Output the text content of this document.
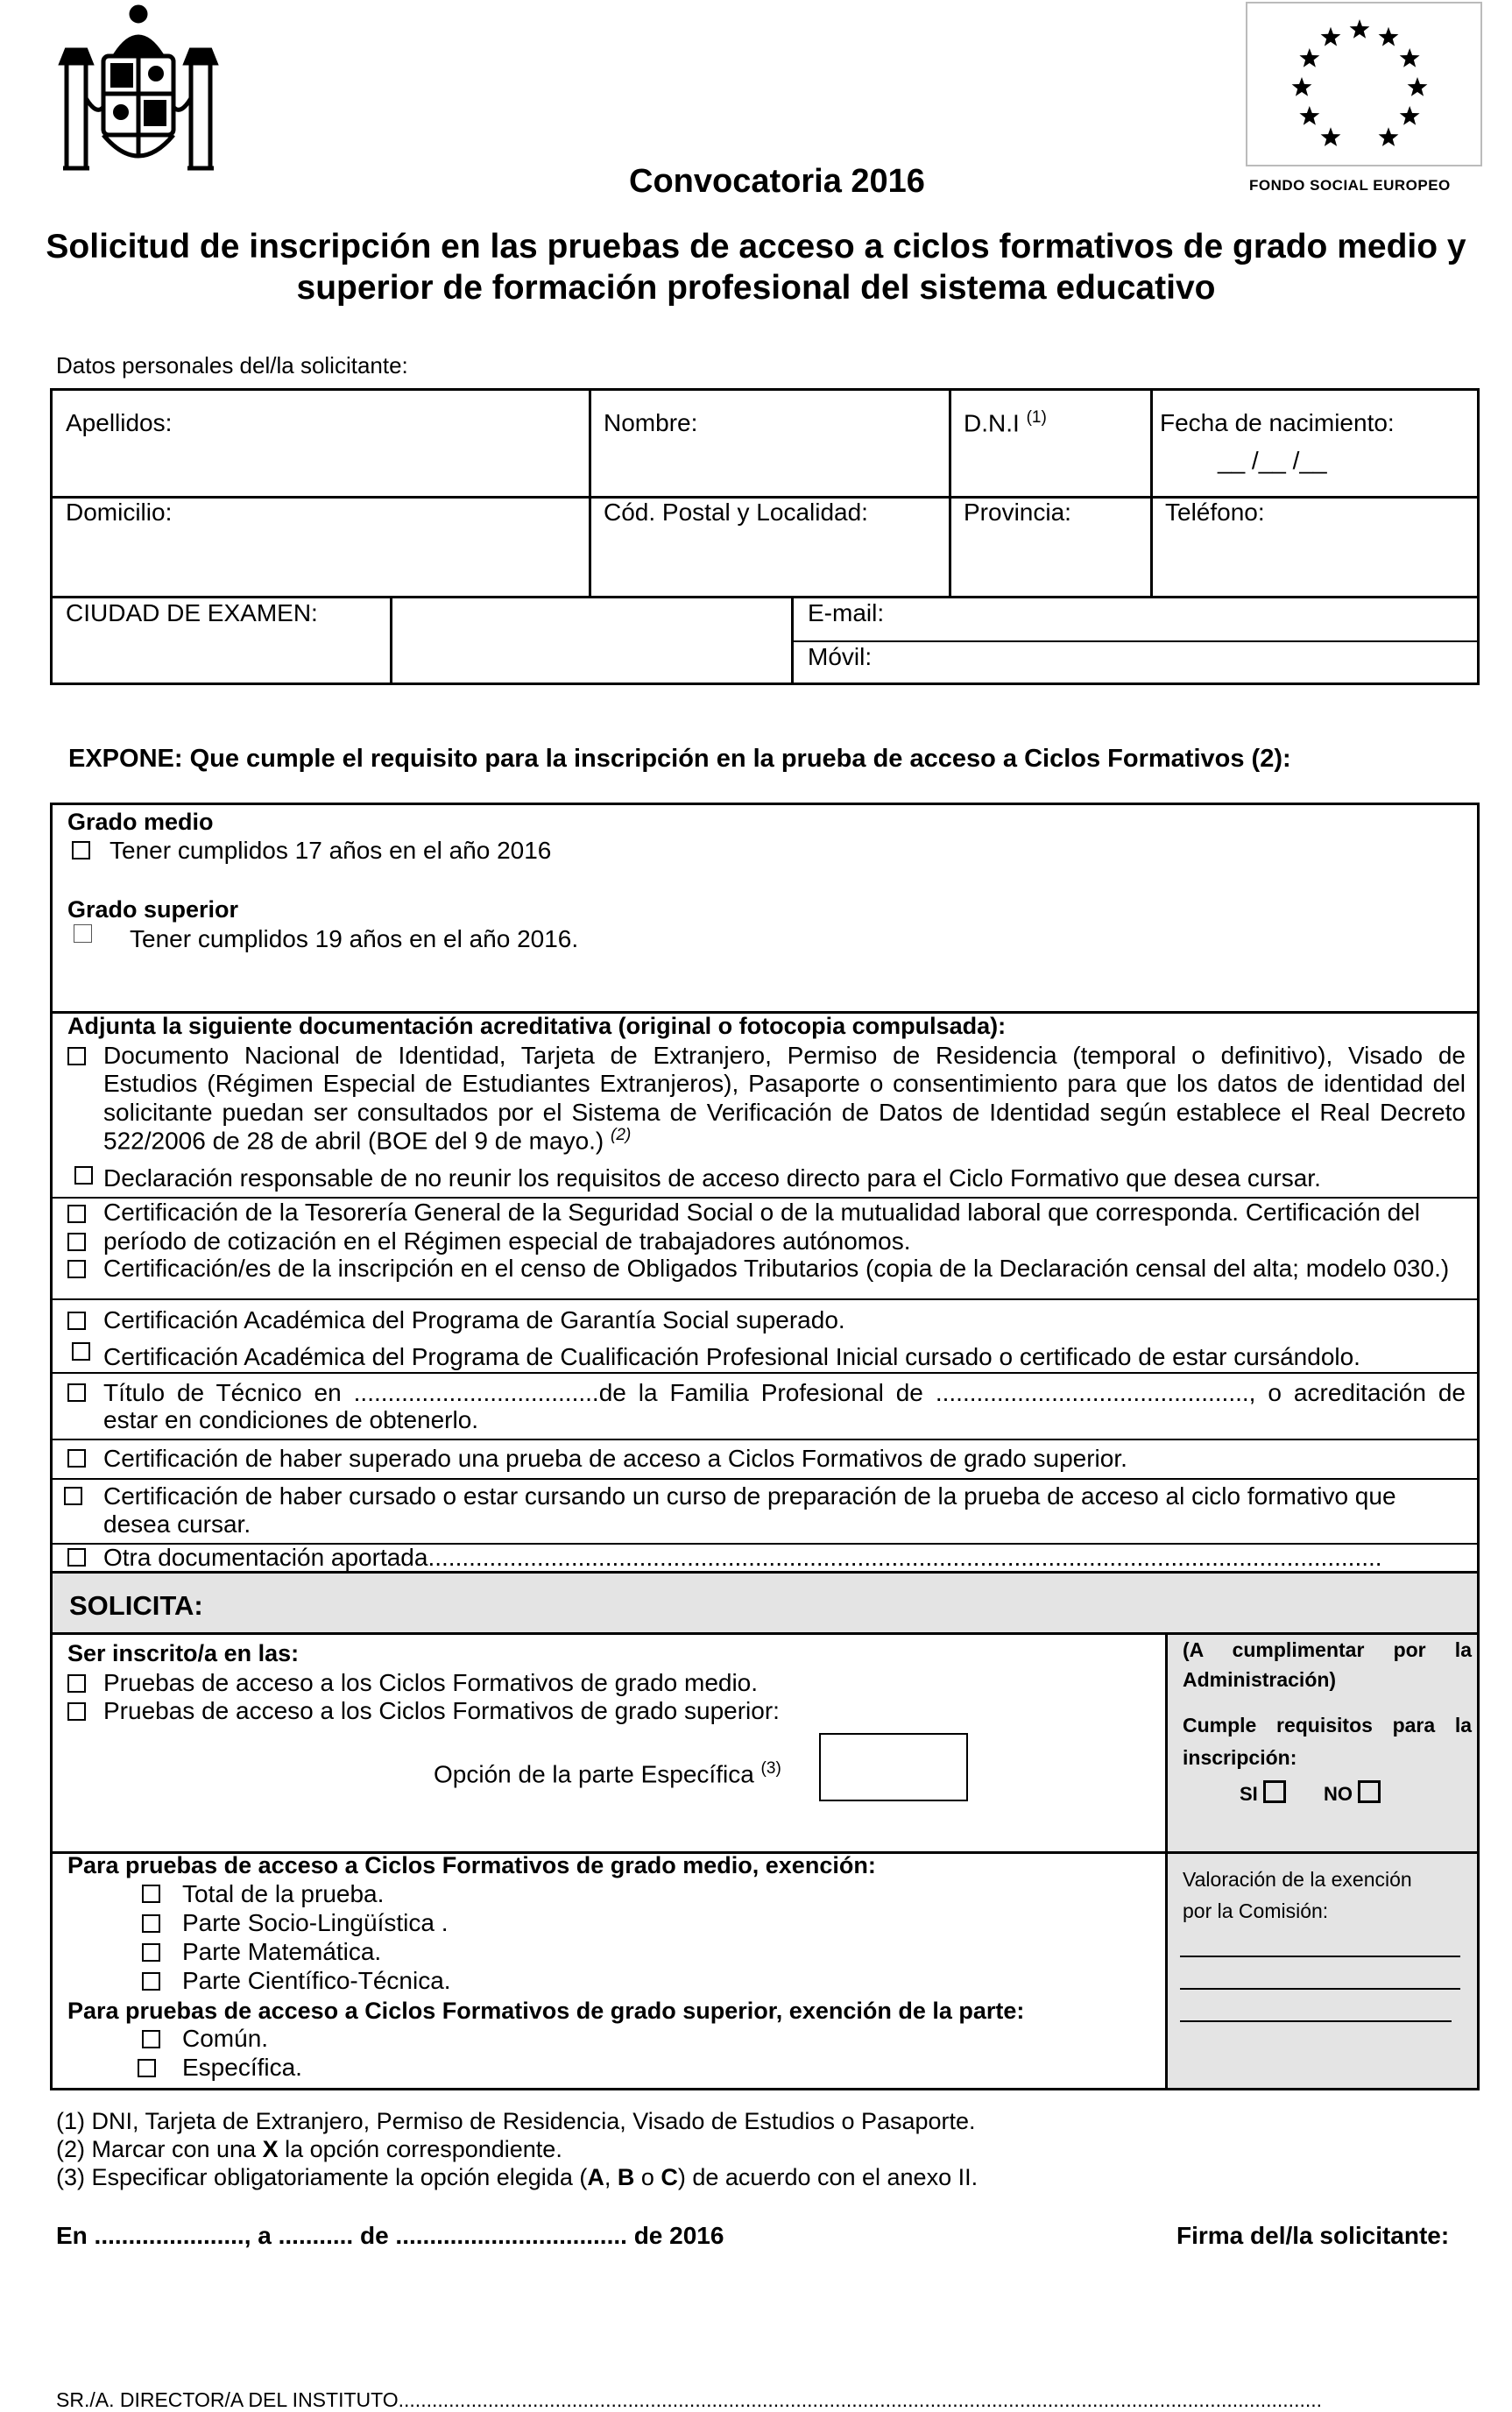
FONDO SOCIAL EUROPEO
Convocatoria 2016
Solicitud de inscripción en las pruebas de acceso a ciclos formativos de grado medio y
superior de formación profesional del sistema educativo
Datos personales del/la solicitante:
Apellidos:	Nombre:	D.N.I $^{(1)}$	Fecha de nacimiento:
__ /__ /__
Domicilio:	Cód. Postal y Localidad:	Provincia:	Teléfono:
CIUDAD DE EXAMEN:	E-mail:
Móvil:
EXPONE: Que cumple el requisito para la inscripción en la prueba de acceso a Ciclos Formativos (2):
Grado medio
Tener cumplidos 17 años en el año 2016
Grado superior
Tener cumplidos 19 años en el año 2016.
Adjunta la siguiente documentación acreditativa (original o fotocopia compulsada):
Documento Nacional de Identidad, Tarjeta de Extranjero, Permiso de Residencia (temporal o definitivo), Visado de
Estudios (Régimen Especial de Estudiantes Extranjeros), Pasaporte o consentimiento para que los datos de identidad del
solicitante puedan ser consultados por el Sistema de Verificación de Datos de Identidad según establece el Real Decreto
522/2006 de 28 de abril (BOE del 9 de mayo.) $^{(2)}$
Declaración responsable de no reunir los requisitos de acceso directo para el Ciclo Formativo que desea cursar.
Certificación de la Tesorería General de la Seguridad Social o de la mutualidad laboral que corresponda. Certificación del
período de cotización en el Régimen especial de trabajadores autónomos.
Certificación/es de la inscripción en el censo de Obligados Tributarios (copia de la Declaración censal del alta; modelo 030.)
Certificación Académica del Programa de Garantía Social superado.
Certificación Académica del Programa de Cualificación Profesional Inicial cursado o certificado de estar cursándolo.
Título de Técnico en ....................................de la Familia Profesional de .............................................., o acreditación de
estar en condiciones de obtenerlo.
Certificación de haber superado una prueba de acceso a Ciclos Formativos de grado superior.
Certificación de haber cursado o estar cursando un curso de preparación de la prueba de acceso al ciclo formativo que
desea cursar.
Otra documentación aportada............................................................................................................................................
SOLICITA:
Ser inscrito/a en las:
Pruebas de acceso a los Ciclos Formativos de grado medio.
Pruebas de acceso a los Ciclos Formativos de grado superior:
Opción de la parte Específica $^{(3)}$
(A   cumplimentar   por   la
Administración)
Cumple  requisitos  para  la
inscripción:
SI	NO
Para pruebas de acceso a Ciclos Formativos de grado medio, exención:
Total de la prueba.
Parte Socio-Lingüística .
Parte Matemática.
Parte Científico-Técnica.
Para pruebas de acceso a Ciclos Formativos de grado superior, exención de la parte:
Común.
Específica.
Valoración de la exención
por la Comisión:
(1) DNI, Tarjeta de Extranjero, Permiso de Residencia, Visado de Estudios o Pasaporte.
(2) Marcar con una X la opción correspondiente.
(3) Especificar obligatoriamente la opción elegida (A, B o C) de acuerdo con el anexo II.
En ......................, a ........... de .................................. de 2016	Firma del/la solicitante:
SR./A. DIRECTOR/A DEL INSTITUTO.....................................................................................................................................................................
